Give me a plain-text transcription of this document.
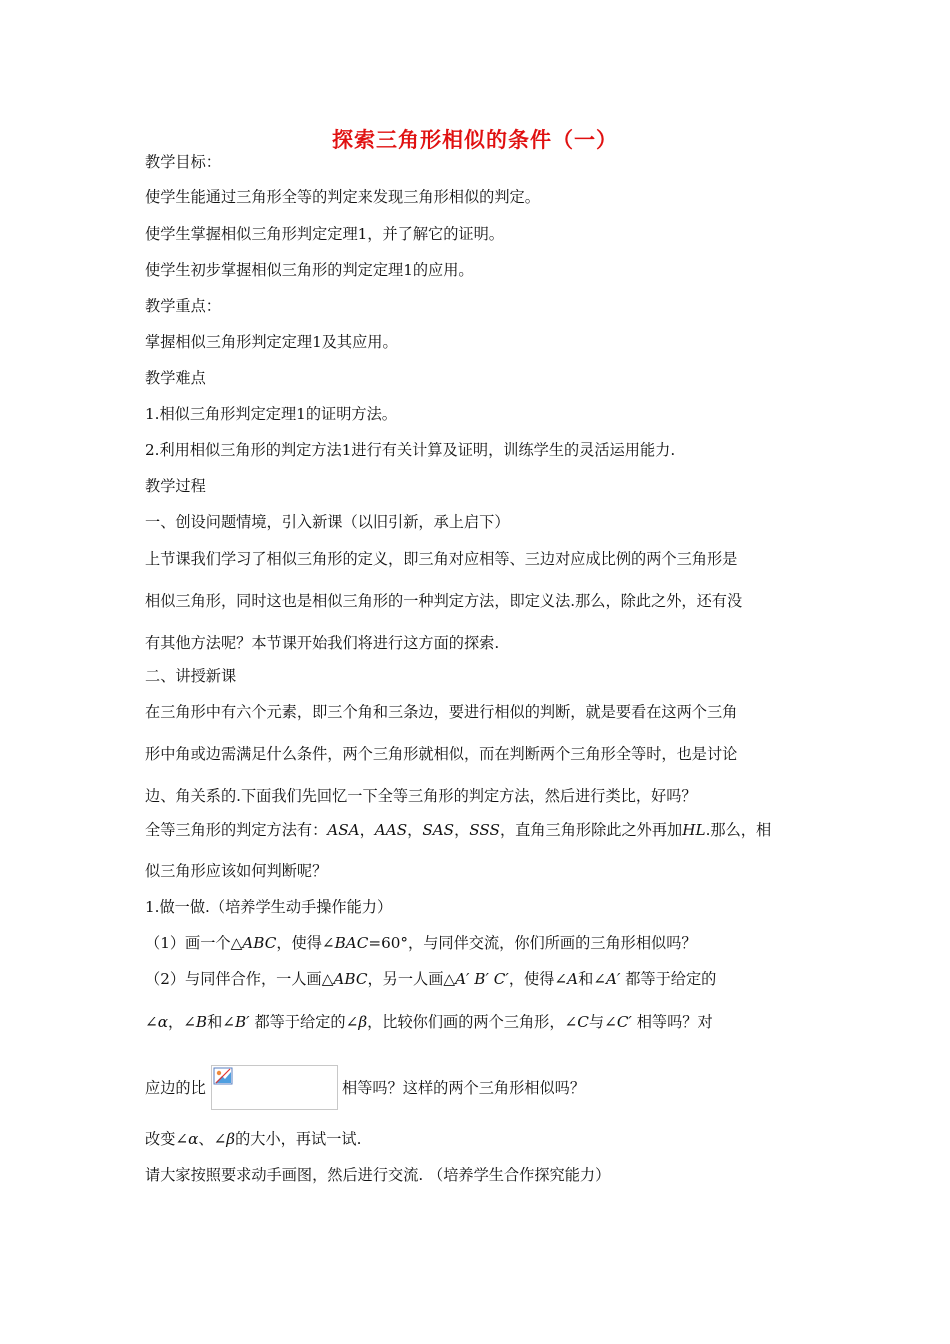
探索三角形相似的条件（一）
教学目标：
使学生能通过三角形全等的判定来发现三角形相似的判定。
使学生掌握相似三角形判定定理1，并了解它的证明。
使学生初步掌握相似三角形的判定定理1的应用。
教学重点：
掌握相似三角形判定定理1及其应用。
教学难点
1.相似三角形判定定理1的证明方法。
2.利用相似三角形的判定方法1进行有关计算及证明，训练学生的灵活运用能力.
教学过程
一、创设问题情境，引入新课（以旧引新，承上启下）
上节课我们学习了相似三角形的定义，即三角对应相等、三边对应成比例的两个三角形是
相似三角形，同时这也是相似三角形的一种判定方法，即定义法.那么，除此之外，还有没
有其他方法呢？本节课开始我们将进行这方面的探索.
二、讲授新课
在三角形中有六个元素，即三个角和三条边，要进行相似的判断，就是要看在这两个三角
形中角或边需满足什么条件，两个三角形就相似，而在判断两个三角形全等时，也是讨论
边、角关系的.下面我们先回忆一下全等三角形的判定方法，然后进行类比，好吗？
全等三角形的判定方法有：ASA，AAS，SAS，SSS，直角三角形除此之外再加HL.那么，相
似三角形应该如何判断呢？
1.做一做.（培养学生动手操作能力）
（1）画一个△ABC，使得∠BAC=60°，与同伴交流，你们所画的三角形相似吗？
（2）与同伴合作，一人画△ABC，另一人画△A′ B′ C′，使得∠A和∠A′ 都等于给定的
∠α，∠B和∠B′ 都等于给定的∠β，比较你们画的两个三角形，∠C与∠C′ 相等吗？对
应边的比	相等吗？这样的两个三角形相似吗？
改变∠α、∠β的大小，再试一试.
请大家按照要求动手画图，然后进行交流. （培养学生合作探究能力）
